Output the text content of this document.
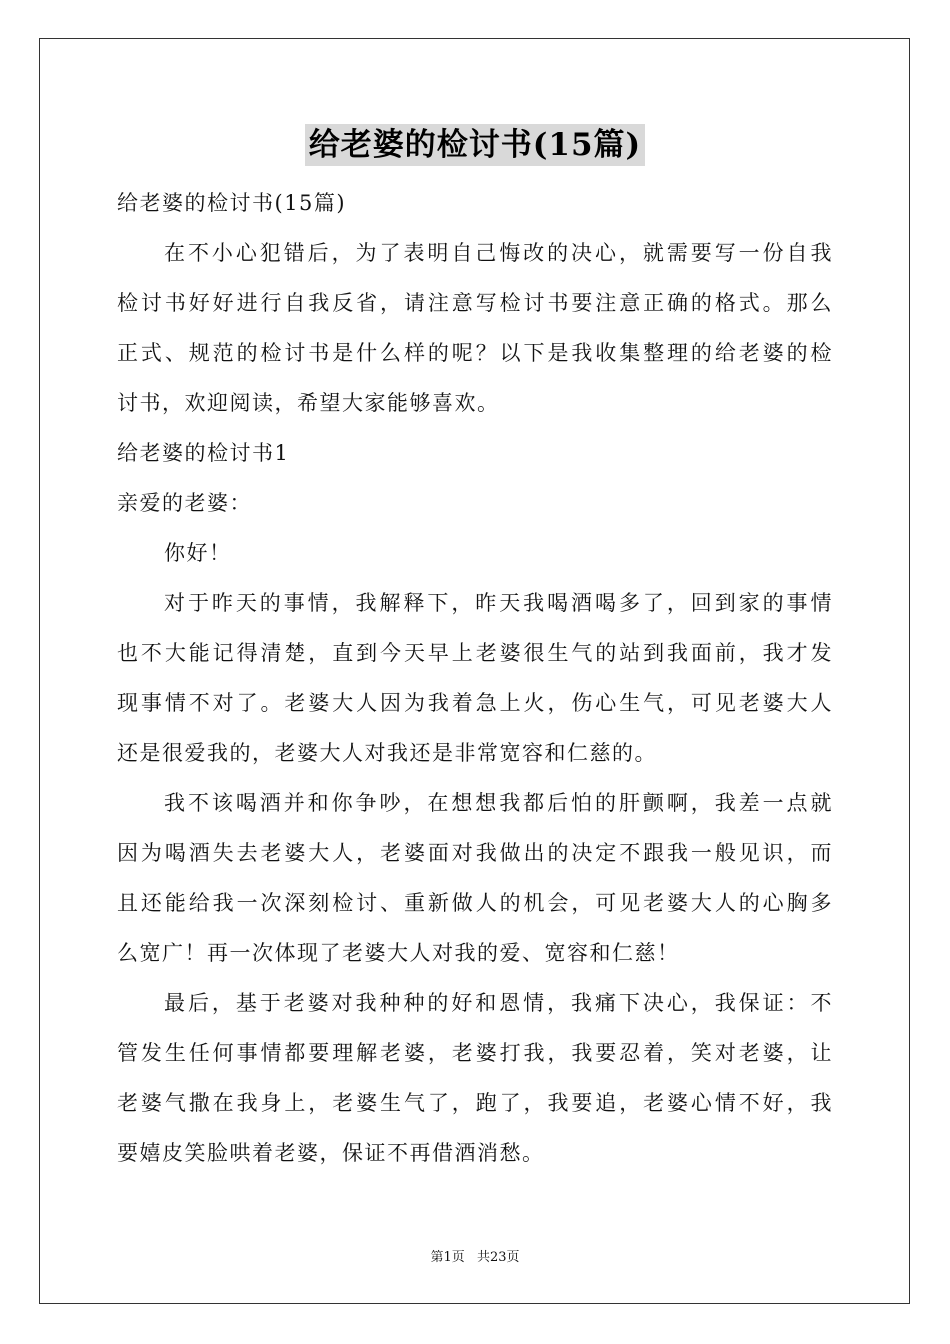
给老婆的检讨书(15篇)

给老婆的检讨书(15篇)

在不小心犯错后，为了表明自己悔改的决心，就需要写一份自我

检讨书好好进行自我反省，请注意写检讨书要注意正确的格式。那么

正式、规范的检讨书是什么样的呢？以下是我收集整理的给老婆的检

讨书，欢迎阅读，希望大家能够喜欢。

给老婆的检讨书1

亲爱的老婆：

你好！

对于昨天的事情，我解释下，昨天我喝酒喝多了，回到家的事情

也不大能记得清楚，直到今天早上老婆很生气的站到我面前，我才发

现事情不对了。老婆大人因为我着急上火，伤心生气，可见老婆大人

还是很爱我的，老婆大人对我还是非常宽容和仁慈的。

我不该喝酒并和你争吵，在想想我都后怕的肝颤啊，我差一点就

因为喝酒失去老婆大人，老婆面对我做出的决定不跟我一般见识，而

且还能给我一次深刻检讨、重新做人的机会，可见老婆大人的心胸多

么宽广！再一次体现了老婆大人对我的爱、宽容和仁慈！

最后，基于老婆对我种种的好和恩情，我痛下决心，我保证：不

管发生任何事情都要理解老婆，老婆打我，我要忍着，笑对老婆，让

老婆气撒在我身上，老婆生气了，跑了，我要追，老婆心情不好，我

要嬉皮笑脸哄着老婆，保证不再借酒消愁。

第1页 共23页
